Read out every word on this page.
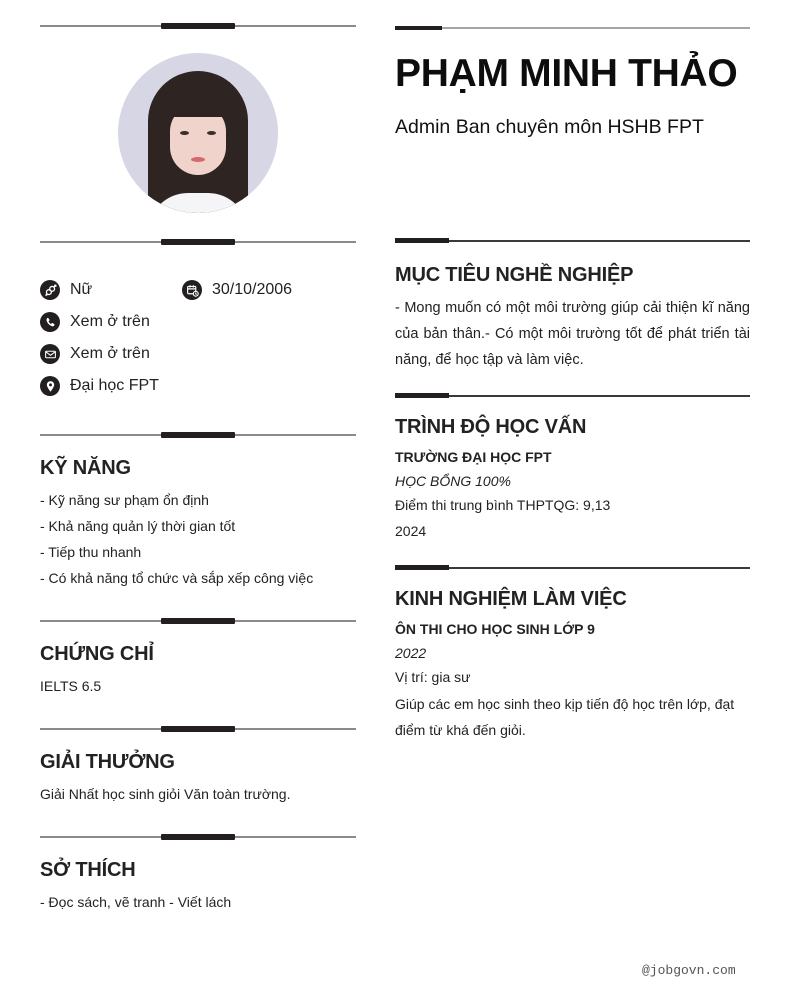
Nữ	30/10/2006
Xem ở trên
Xem ở trên
Đại học FPT
KỸ NĂNG
- Kỹ năng sư phạm ổn định
- Khả năng quản lý thời gian tốt
- Tiếp thu nhanh
- Có khả năng tổ chức và sắp xếp công việc
CHỨNG CHỈ
IELTS 6.5
GIẢI THƯỞNG
Giải Nhất học sinh giỏi Văn toàn trường.
SỞ THÍCH
- Đọc sách, vẽ tranh - Viết lách
PHẠM MINH THẢO
Admin Ban chuyên môn HSHB FPT
MỤC TIÊU NGHỀ NGHIỆP
- Mong muốn có một môi trường giúp cải thiện kĩ năng của bản thân.- Có một môi trường tốt để phát triển tài năng, để học tập và làm việc.
TRÌNH ĐỘ HỌC VẤN
TRƯỜNG ĐẠI HỌC FPT
HỌC BỔNG 100%
Điểm thi trung bình THPTQG: 9,13
2024
KINH NGHIỆM LÀM VIỆC
ÔN THI CHO HỌC SINH LỚP 9
2022
Vị trí: gia sư
Giúp các em học sinh theo kịp tiến độ học trên lớp, đạt điểm từ khá đến giỏi.
@jobgovn.com
